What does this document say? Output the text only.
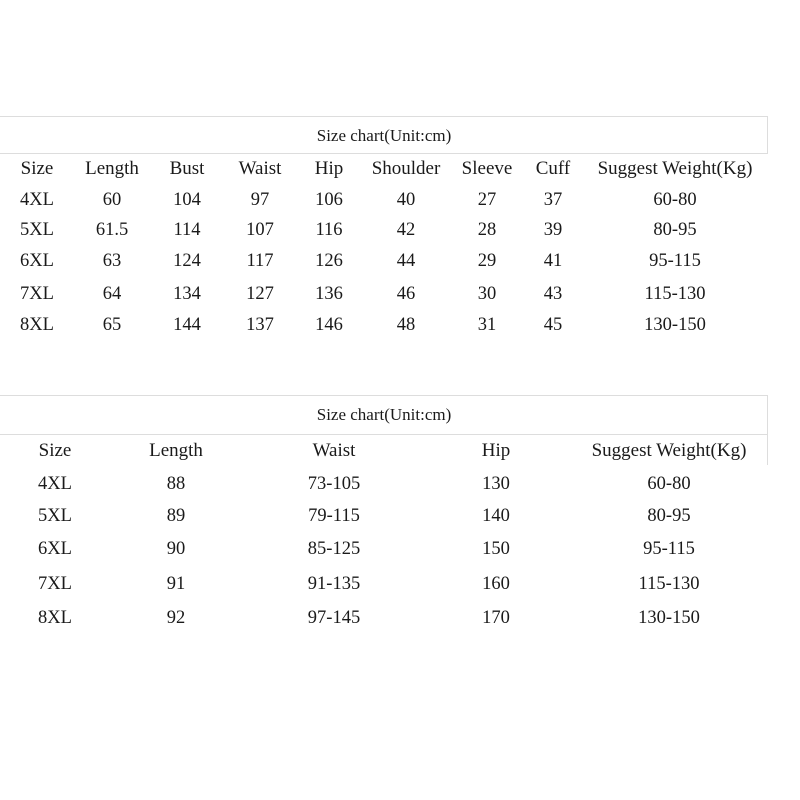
Size chart(Unit:cm)
Size Length Bust Waist Hip Shoulder Sleeve Cuff Suggest Weight(Kg)
4XL	60	104	97 106	40	27	37	60-80
5XL 61.5 114 107 116	42	28	39	80-95
6XL	63	124 117 126	44	29	41	95-115
7XL	64	134 127 136	46	30	43	115-130
8XL	65	144 137 146	48	31	45	130-150
Size chart(Unit:cm)
Size	Length	Waist	Hip	Suggest Weight(Kg)
4XL	88	73-105	130	60-80
5XL	89	79-115	140	80-95
6XL	90	85-125	150	95-115
7XL	91	91-135	160	115-130
8XL	92	97-145	170	130-150
